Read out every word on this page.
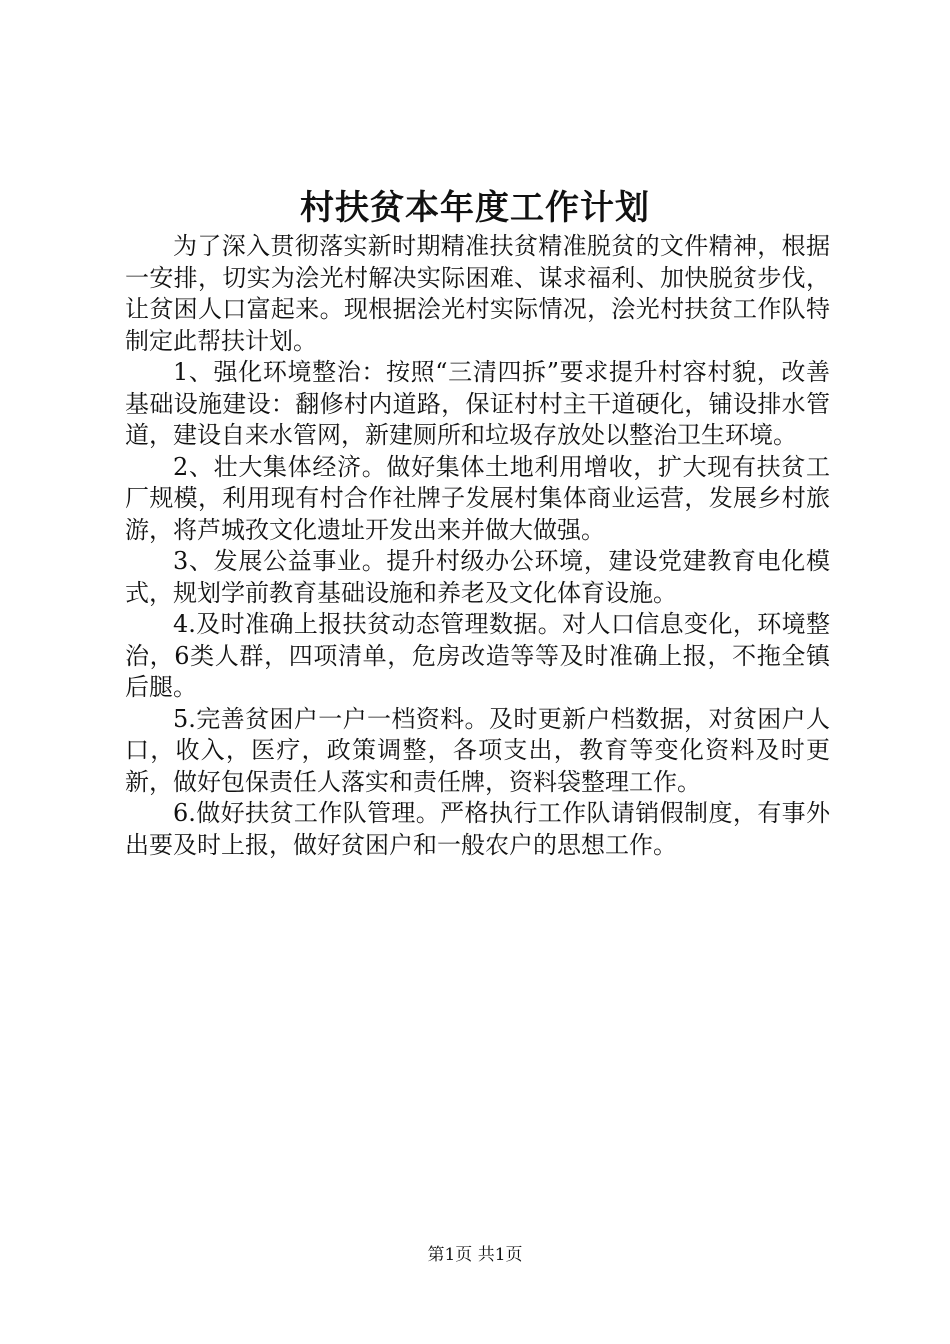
村扶贫本年度工作计划

为了深入贯彻落实新时期精准扶贫精准脱贫的文件精神，根据一安排，切实为浍光村解决实际困难、谋求福利、加快脱贫步伐，让贫困人口富起来。现根据浍光村实际情况，浍光村扶贫工作队特制定此帮扶计划。

1、强化环境整治：按照“三清四拆”要求提升村容村貌，改善基础设施建设：翻修村内道路，保证村村主干道硬化，铺设排水管道，建设自来水管网，新建厕所和垃圾存放处以整治卫生环境。

2、壮大集体经济。做好集体土地利用增收，扩大现有扶贫工厂规模，利用现有村合作社牌子发展村集体商业运营，发展乡村旅游，将芦城孜文化遗址开发出来并做大做强。

3、发展公益事业。提升村级办公环境，建设党建教育电化模式，规划学前教育基础设施和养老及文化体育设施。

4.及时准确上报扶贫动态管理数据。对人口信息变化，环境整治，6类人群，四项清单，危房改造等等及时准确上报，不拖全镇后腿。

5.完善贫困户一户一档资料。及时更新户档数据，对贫困户人口，收入，医疗，政策调整，各项支出，教育等变化资料及时更新，做好包保责任人落实和责任牌，资料袋整理工作。

6.做好扶贫工作队管理。严格执行工作队请销假制度，有事外出要及时上报，做好贫困户和一般农户的思想工作。

第1页 共1页
